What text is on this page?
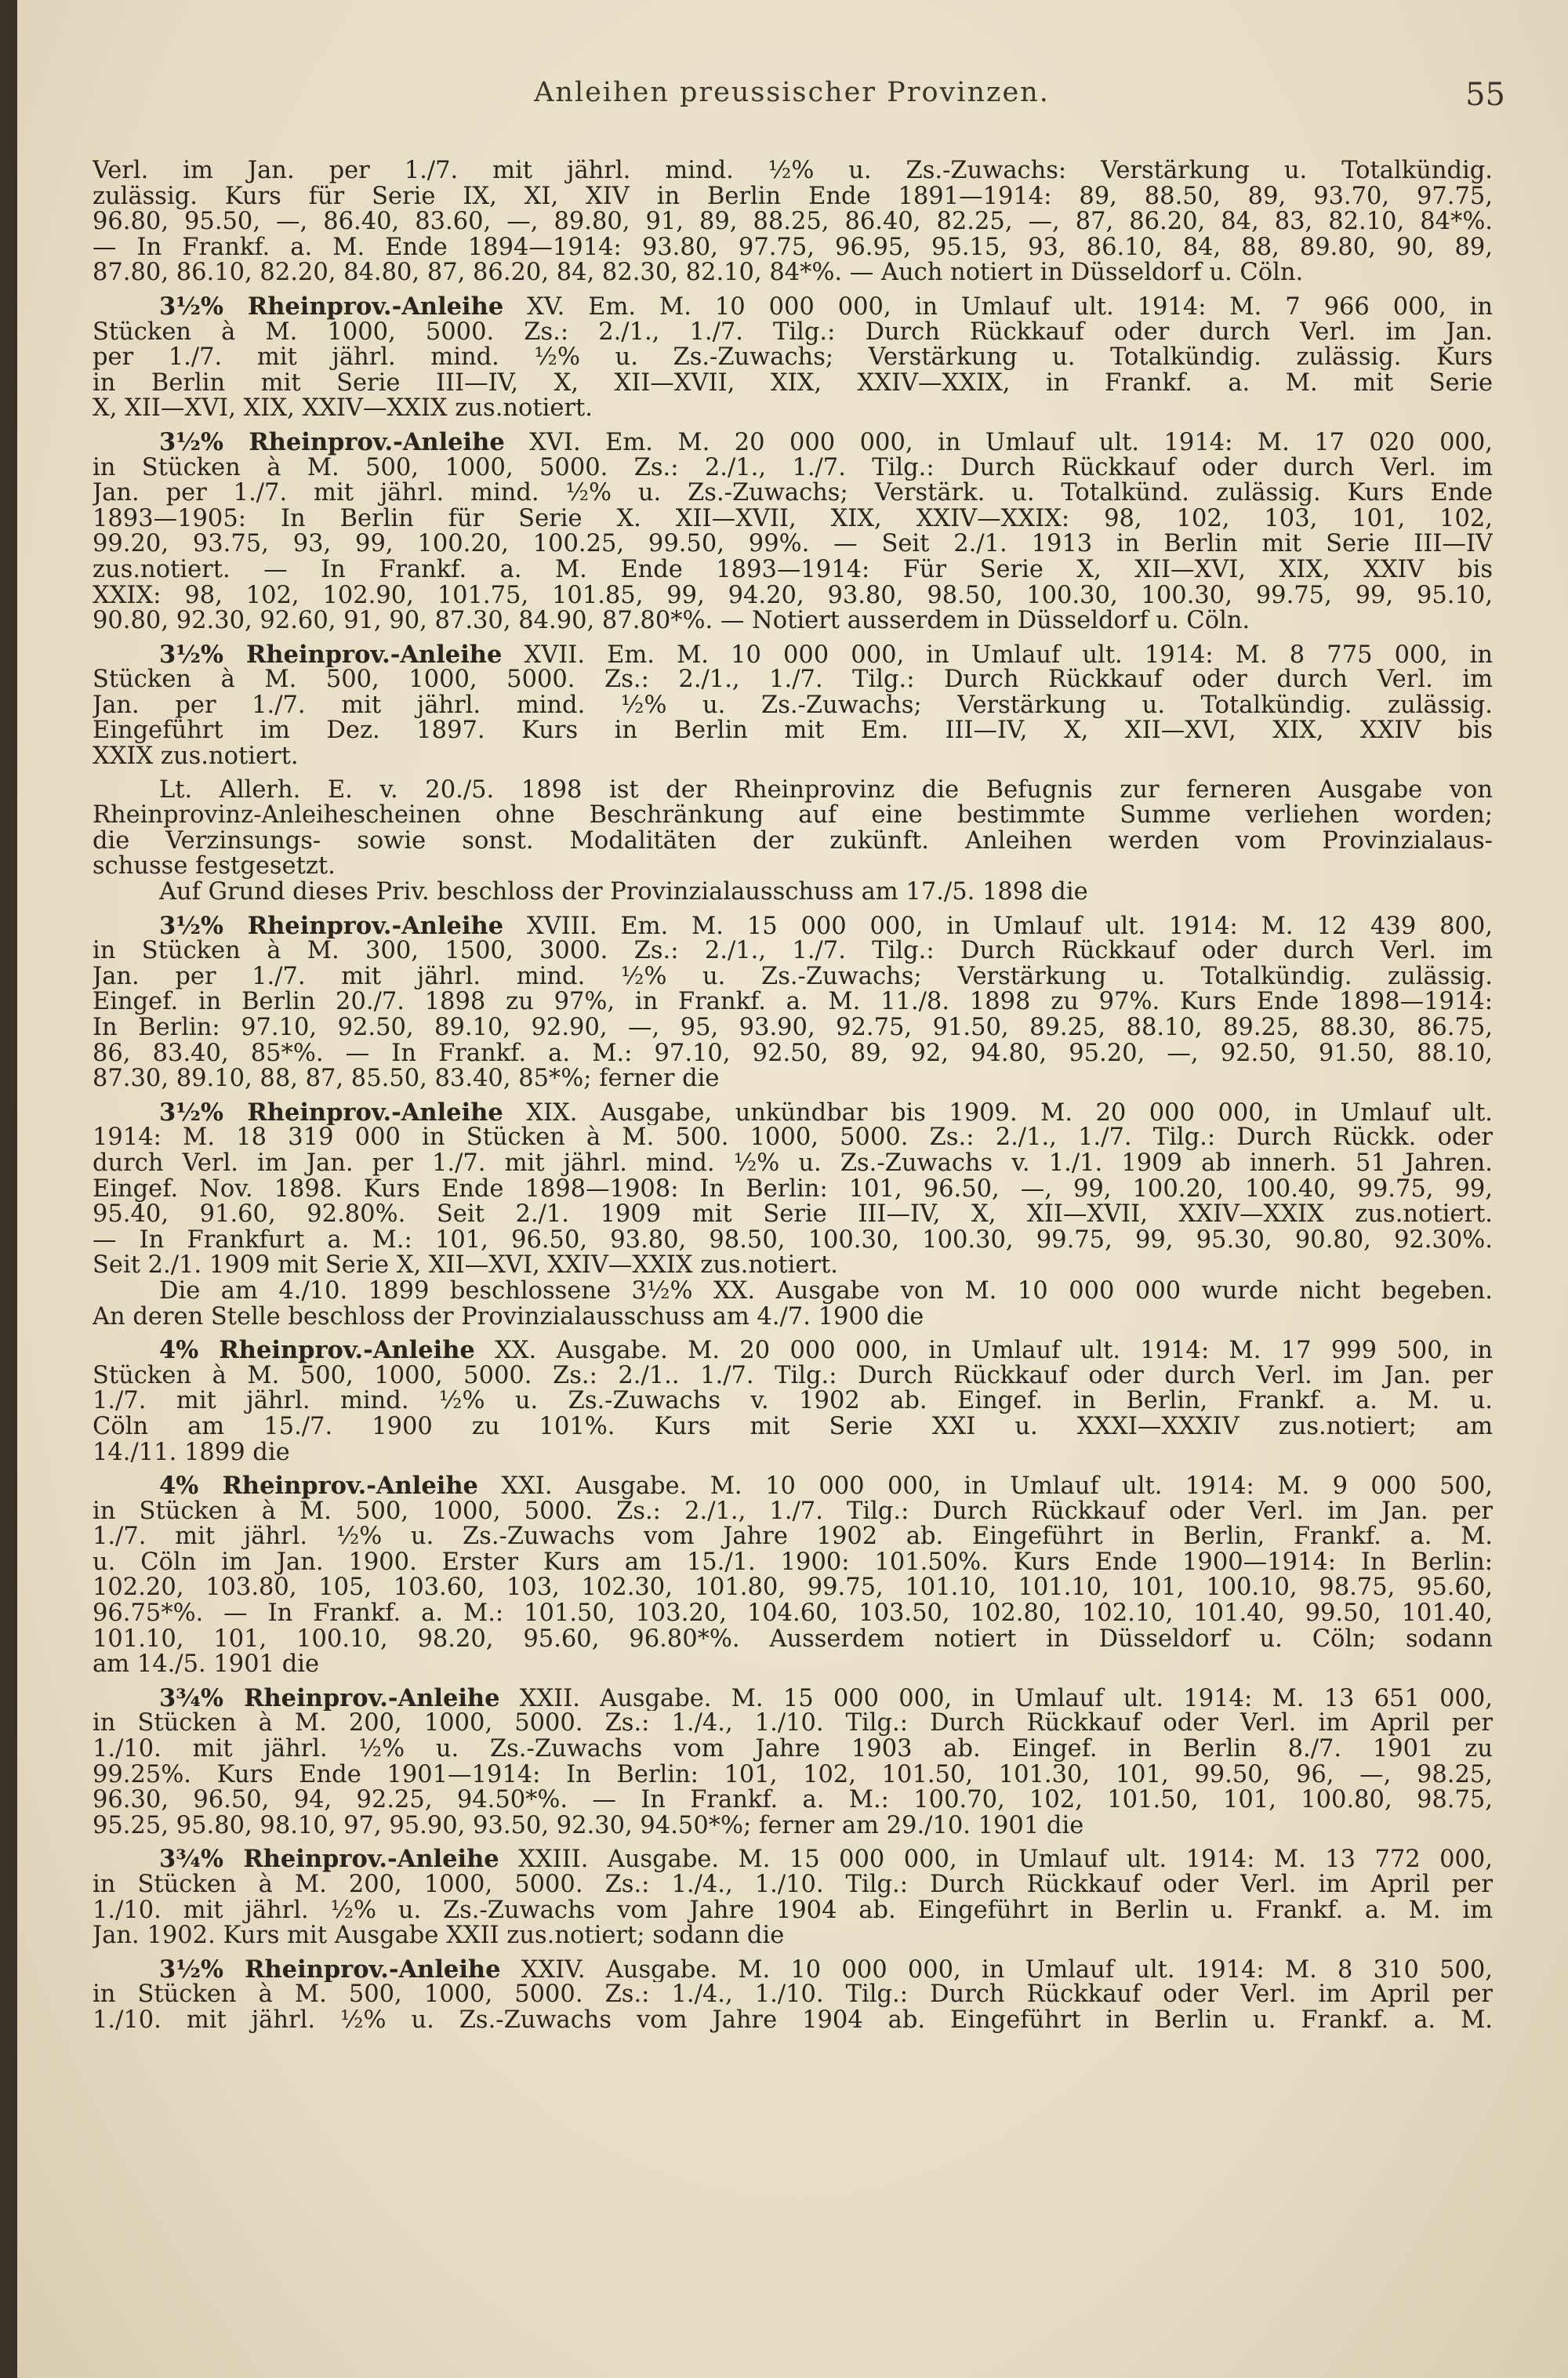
Anleihen preussischer Provinzen.	55
Verl. im Jan. per 1./7. mit jährl. mind. ½% u. Zs.-Zuwachs: Verstärkung u. Totalkündig.
zulässig. Kurs für Serie IX, XI, XIV in Berlin Ende 1891—1914: 89, 88.50, 89, 93.70, 97.75,
96.80, 95.50, —, 86.40, 83.60, —, 89.80, 91, 89, 88.25, 86.40, 82.25, —, 87, 86.20, 84, 83, 82.10, 84*%.
— In Frankf. a. M. Ende 1894—1914: 93.80, 97.75, 96.95, 95.15, 93, 86.10, 84, 88, 89.80, 90, 89,
87.80, 86.10, 82.20, 84.80, 87, 86.20, 84, 82.30, 82.10, 84*%. — Auch notiert in Düsseldorf u. Cöln.
3½% Rheinprov.-Anleihe XV. Em. M. 10 000 000, in Umlauf ult. 1914: M. 7 966 000, in
Stücken à M. 1000, 5000. Zs.: 2./1., 1./7. Tilg.: Durch Rückkauf oder durch Verl. im Jan.
per 1./7. mit jährl. mind. ½% u. Zs.-Zuwachs; Verstärkung u. Totalkündig. zulässig. Kurs
in Berlin mit Serie III—IV, X, XII—XVII, XIX, XXIV—XXIX, in Frankf. a. M. mit Serie
X, XII—XVI, XIX, XXIV—XXIX zus.notiert.
3½% Rheinprov.-Anleihe XVI. Em. M. 20 000 000, in Umlauf ult. 1914: M. 17 020 000,
in Stücken à M. 500, 1000, 5000. Zs.: 2./1., 1./7. Tilg.: Durch Rückkauf oder durch Verl. im
Jan. per 1./7. mit jährl. mind. ½% u. Zs.-Zuwachs; Verstärk. u. Totalkünd. zulässig. Kurs Ende
1893—1905: In Berlin für Serie X. XII—XVII, XIX, XXIV—XXIX: 98, 102, 103, 101, 102,
99.20, 93.75, 93, 99, 100.20, 100.25, 99.50, 99%. — Seit 2./1. 1913 in Berlin mit Serie III—IV
zus.notiert. — In Frankf. a. M. Ende 1893—1914: Für Serie X, XII—XVI, XIX, XXIV bis
XXIX: 98, 102, 102.90, 101.75, 101.85, 99, 94.20, 93.80, 98.50, 100.30, 100.30, 99.75, 99, 95.10,
90.80, 92.30, 92.60, 91, 90, 87.30, 84.90, 87.80*%. — Notiert ausserdem in Düsseldorf u. Cöln.
3½% Rheinprov.-Anleihe XVII. Em. M. 10 000 000, in Umlauf ult. 1914: M. 8 775 000, in
Stücken à M. 500, 1000, 5000. Zs.: 2./1., 1./7. Tilg.: Durch Rückkauf oder durch Verl. im
Jan. per 1./7. mit jährl. mind. ½% u. Zs.-Zuwachs; Verstärkung u. Totalkündig. zulässig.
Eingeführt im Dez. 1897. Kurs in Berlin mit Em. III—IV, X, XII—XVI, XIX, XXIV bis
XXIX zus.notiert.
Lt. Allerh. E. v. 20./5. 1898 ist der Rheinprovinz die Befugnis zur ferneren Ausgabe von
Rheinprovinz-Anleihescheinen ohne Beschränkung auf eine bestimmte Summe verliehen worden;
die Verzinsungs- sowie sonst. Modalitäten der zukünft. Anleihen werden vom Provinzialaus-
schusse festgesetzt.
Auf Grund dieses Priv. beschloss der Provinzialausschuss am 17./5. 1898 die
3½% Rheinprov.-Anleihe XVIII. Em. M. 15 000 000, in Umlauf ult. 1914: M. 12 439 800,
in Stücken à M. 300, 1500, 3000. Zs.: 2./1., 1./7. Tilg.: Durch Rückkauf oder durch Verl. im
Jan. per 1./7. mit jährl. mind. ½% u. Zs.-Zuwachs; Verstärkung u. Totalkündig. zulässig.
Eingef. in Berlin 20./7. 1898 zu 97%, in Frankf. a. M. 11./8. 1898 zu 97%. Kurs Ende 1898—1914:
In Berlin: 97.10, 92.50, 89.10, 92.90, —, 95, 93.90, 92.75, 91.50, 89.25, 88.10, 89.25, 88.30, 86.75,
86, 83.40, 85*%. — In Frankf. a. M.: 97.10, 92.50, 89, 92, 94.80, 95.20, —, 92.50, 91.50, 88.10,
87.30, 89.10, 88, 87, 85.50, 83.40, 85*%; ferner die
3½% Rheinprov.-Anleihe XIX. Ausgabe, unkündbar bis 1909. M. 20 000 000, in Umlauf ult.
1914: M. 18 319 000 in Stücken à M. 500. 1000, 5000. Zs.: 2./1., 1./7. Tilg.: Durch Rückk. oder
durch Verl. im Jan. per 1./7. mit jährl. mind. ½% u. Zs.-Zuwachs v. 1./1. 1909 ab innerh. 51 Jahren.
Eingef. Nov. 1898. Kurs Ende 1898—1908: In Berlin: 101, 96.50, —, 99, 100.20, 100.40, 99.75, 99,
95.40, 91.60, 92.80%. Seit 2./1. 1909 mit Serie III—IV, X, XII—XVII, XXIV—XXIX zus.notiert.
— In Frankfurt a. M.: 101, 96.50, 93.80, 98.50, 100.30, 100.30, 99.75, 99, 95.30, 90.80, 92.30%.
Seit 2./1. 1909 mit Serie X, XII—XVI, XXIV—XXIX zus.notiert.
Die am 4./10. 1899 beschlossene 3½% XX. Ausgabe von M. 10 000 000 wurde nicht begeben.
An deren Stelle beschloss der Provinzialausschuss am 4./7. 1900 die
4% Rheinprov.-Anleihe XX. Ausgabe. M. 20 000 000, in Umlauf ult. 1914: M. 17 999 500, in
Stücken à M. 500, 1000, 5000. Zs.: 2./1.. 1./7. Tilg.: Durch Rückkauf oder durch Verl. im Jan. per
1./7. mit jährl. mind. ½% u. Zs.-Zuwachs v. 1902 ab. Eingef. in Berlin, Frankf. a. M. u.
Cöln am 15./7. 1900 zu 101%. Kurs mit Serie XXI u. XXXI—XXXIV zus.notiert; am
14./11. 1899 die
4% Rheinprov.-Anleihe XXI. Ausgabe. M. 10 000 000, in Umlauf ult. 1914: M. 9 000 500,
in Stücken à M. 500, 1000, 5000. Zs.: 2./1., 1./7. Tilg.: Durch Rückkauf oder Verl. im Jan. per
1./7. mit jährl. ½% u. Zs.-Zuwachs vom Jahre 1902 ab. Eingeführt in Berlin, Frankf. a. M.
u. Cöln im Jan. 1900. Erster Kurs am 15./1. 1900: 101.50%. Kurs Ende 1900—1914: In Berlin:
102.20, 103.80, 105, 103.60, 103, 102.30, 101.80, 99.75, 101.10, 101.10, 101, 100.10, 98.75, 95.60,
96.75*%. — In Frankf. a. M.: 101.50, 103.20, 104.60, 103.50, 102.80, 102.10, 101.40, 99.50, 101.40,
101.10, 101, 100.10, 98.20, 95.60, 96.80*%. Ausserdem notiert in Düsseldorf u. Cöln; sodann
am 14./5. 1901 die
3¾% Rheinprov.-Anleihe XXII. Ausgabe. M. 15 000 000, in Umlauf ult. 1914: M. 13 651 000,
in Stücken à M. 200, 1000, 5000. Zs.: 1./4., 1./10. Tilg.: Durch Rückkauf oder Verl. im April per
1./10. mit jährl. ½% u. Zs.-Zuwachs vom Jahre 1903 ab. Eingef. in Berlin 8./7. 1901 zu
99.25%. Kurs Ende 1901—1914: In Berlin: 101, 102, 101.50, 101.30, 101, 99.50, 96, —, 98.25,
96.30, 96.50, 94, 92.25, 94.50*%. — In Frankf. a. M.: 100.70, 102, 101.50, 101, 100.80, 98.75,
95.25, 95.80, 98.10, 97, 95.90, 93.50, 92.30, 94.50*%; ferner am 29./10. 1901 die
3¾% Rheinprov.-Anleihe XXIII. Ausgabe. M. 15 000 000, in Umlauf ult. 1914: M. 13 772 000,
in Stücken à M. 200, 1000, 5000. Zs.: 1./4., 1./10. Tilg.: Durch Rückkauf oder Verl. im April per
1./10. mit jährl. ½% u. Zs.-Zuwachs vom Jahre 1904 ab. Eingeführt in Berlin u. Frankf. a. M. im
Jan. 1902. Kurs mit Ausgabe XXII zus.notiert; sodann die
3½% Rheinprov.-Anleihe XXIV. Ausgabe. M. 10 000 000, in Umlauf ult. 1914: M. 8 310 500,
in Stücken à M. 500, 1000, 5000. Zs.: 1./4., 1./10. Tilg.: Durch Rückkauf oder Verl. im April per
1./10. mit jährl. ½% u. Zs.-Zuwachs vom Jahre 1904 ab. Eingeführt in Berlin u. Frankf. a. M.
